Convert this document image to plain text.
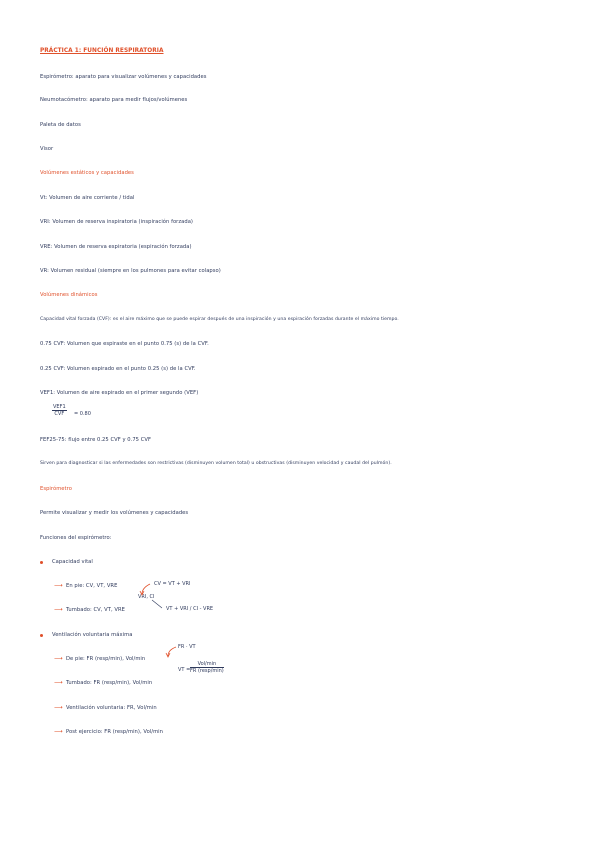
PRÁCTICA 1: FUNCIÓN RESPIRATORIA
Espirómetro: aparato para visualizar volúmenes y capacidades
Neumotacómetro: aparato para medir flujos/volúmenes
Paleta de datos
Visor
Volúmenes estáticos y capacidades
Vt: Volumen de aire corriente / tidal
VRI: Volumen de reserva inspiratoria (inspiración forzada)
VRE: Volumen de reserva espiratoria (espiración forzada)
VR: Volumen residual (siempre en los pulmones para evitar colapso)
Volúmenes dinámicos
Capacidad vital forzada (CVF): es el aire máximo que se puede espirar después de una inspiración y una espiración forzadas durante el máximo tiempo.
0.75 CVF: Volumen que espiraste en el punto 0.75 (s) de la CVF.
0.25 CVF: Volumen espirado en el punto 0.25 (s) de la CVF.
VEF1: Volumen de aire espirado en el primer segundo (VEF)
VEF1
CVF	= 0.80
FEF25-75: flujo entre 0.25 CVF y 0.75 CVF
Sirven para diagnosticar si las enfermedades son restrictivas (disminuyen volumen total) u obstructivas (disminuyen velocidad y caudal del pulmón).
Espirómetro
Permite visualizar y medir los volúmenes y capacidades
Funciones del espirómetro:
Capacidad vital
⟶ En pie: CV, VT, VRE
⟶ Tumbado: CV, VT, VRE
CV = VT + VRI
VRI, CI
VT + VRI / CI - VRE
Ventilación voluntaria máxima
FR · VT
⟶ De pie: FR (resp/min), Vol/min
VT =
Vol/min
FR (resp/min)
⟶ Tumbado: FR (resp/min), Vol/min
⟶ Ventilación voluntaria: FR, Vol/min
⟶ Post ejercicio: FR (resp/min), Vol/min
